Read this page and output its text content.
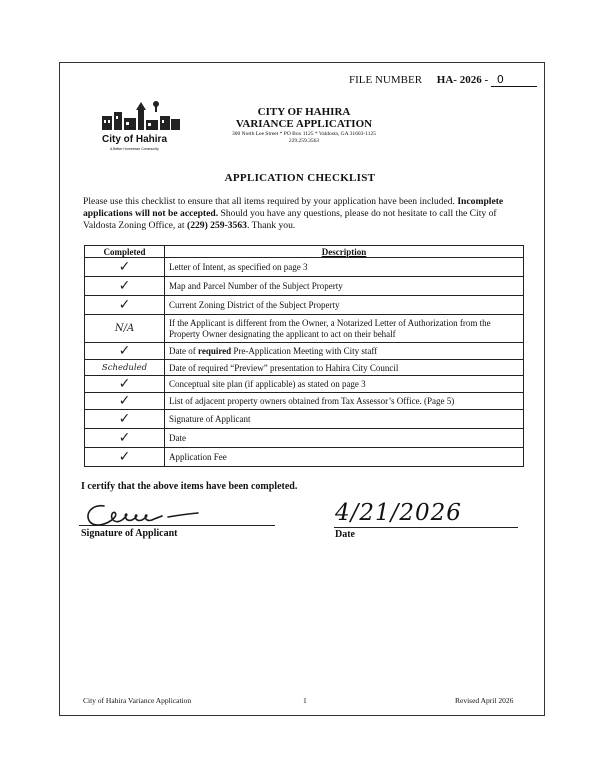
FILE NUMBER HA- 2026 - 0
City of Hahira
A Better Hometown Community
CITY OF HAHIRA
VARIANCE APPLICATION
300 North Lee Street * PO Box 1125 * Valdosta, GA 31603-1125
229.259.3563
APPLICATION CHECKLIST
Please use this checklist to ensure that all items required by your application have been included. Incomplete applications will not be accepted. Should you have any questions, please do not hesitate to call the City of Valdosta Zoning Office, at (229) 259-3563. Thank you.
Completed	Description
✓	Letter of Intent, as specified on page 3
✓	Map and Parcel Number of the Subject Property
✓	Current Zoning District of the Subject Property
N/A	If the Applicant is different from the Owner, a Notarized Letter of Authorization from the Property Owner designating the applicant to act on their behalf
✓	Date of required Pre-Application Meeting with City staff
Scheduled	Date of required “Preview” presentation to Hahira City Council
✓	Conceptual site plan (if applicable) as stated on page 3
✓	List of adjacent property owners obtained from Tax Assessor’s Office. (Page 5)
✓	Signature of Applicant
✓	Date
✓	Application Fee
I certify that the above items have been completed.
Signature of Applicant
4/21/2026
Date
City of Hahira Variance Application	1	Revised April 2026
